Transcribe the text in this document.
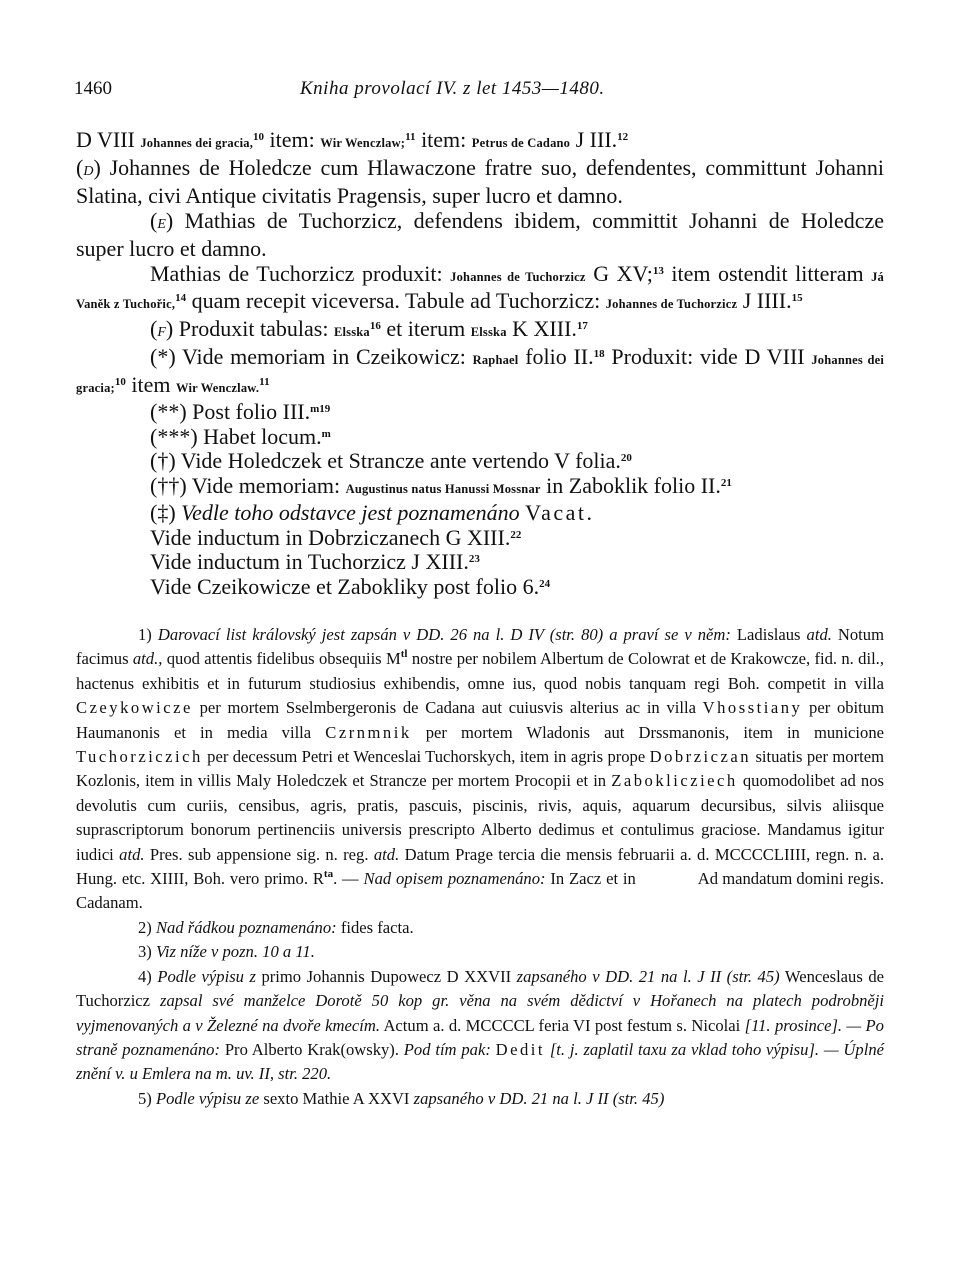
1460	Kniha provolací IV. z let 1453—1480.

D VIII Johannes dei gracia,$^{10}$ item: Wir Wenczlaw;$^{11}$ item: Petrus de Cadano J III.$^{12}$

(D) Johannes de Holedcze cum Hlawaczone fratre suo, defendentes, committunt Johanni Slatina, civi Antique civitatis Pragensis, super lucro et damno.

(E) Mathias de Tuchorzicz, defendens ibidem, committit Johanni de Holedcze super lucro et damno.

Mathias de Tuchorzicz produxit: Johannes de Tuchorzicz G XV;$^{13}$ item ostendit litteram Já Vaněk z Tuchořic,$^{14}$ quam recepit viceversa. Tabule ad Tuchorzicz: Johannes de Tuchorzicz J IIII.$^{15}$

(F) Produxit tabulas: Elsska$^{16}$ et iterum Elsska K XIII.$^{17}$

(*) Vide memoriam in Czeikowicz: Raphael folio II.$^{18}$ Produxit: vide D VIII Johannes dei gracia;$^{10}$ item Wir Wenczlaw.$^{11}$

(**) Post folio III.$^{m19}$

(***) Habet locum.$^m$

(†) Vide Holedczek et Strancze ante vertendo V folia.$^{20}$

(††) Vide memoriam: Augustinus natus Hanussi Mossnar in Zaboklik folio II.$^{21}$

(‡) Vedle toho odstavce jest poznamenáno Vacat.

Vide inductum in Dobrziczanech G XIII.$^{22}$

Vide inductum in Tuchorzicz J XIII.$^{23}$

Vide Czeikowicze et Zabokliky post folio 6.24

1) Darovací list královský jest zapsán v DD. 26 na l. D IV (str. 80) a praví se v něm: Ladislaus atd. Notum facimus atd., quod attentis fidelibus obsequiis $M^{tl}$ nostre per nobilem Albertum de Colowrat et de Krakowcze, fid. n. dil., hactenus exhibitis et in futurum studiosius exhibendis, omne ius, quod nobis tanquam regi Boh. competit in villa Czeykowicze per mortem Sselmbergeronis de Cadana aut cuiusvis alterius ac in villa Vhosstiany per obitum Haumanonis et in media villa Czrnmnik per mortem Wladonis aut Drssmanonis, item in municione Tuchorziczich per decessum Petri et Wenceslai Tuchorskych, item in agris prope Dobrziczan situatis per mortem Kozlonis, item in villis Maly Holedczek et Strancze per mortem Procopii et in Zaboklicziech quomodolibet ad nos devolutis cum curiis, censibus, agris, pratis, pascuis, piscinis, rivis, aquis, aquarum decursibus, silvis aliisque suprascriptorum bonorum pertinenciis universis prescripto Alberto dedimus et contulimus graciose. Mandamus igitur iudici atd. Pres. sub appensione sig. n. reg. atd. Datum Prage tercia die mensis februarii a. d. MCCCCLIIII, regn. n. a. Hung. etc. XIIII, Boh. vero primo.	Ad mandatum domini regis.
$R^{ta}$. — Nad opisem poznamenáno: In Zacz et in Cadanam.

2) Nad řádkou poznamenáno: fides facta.

3) Viz níže v pozn. 10 a 11.

4) Podle výpisu z primo Johannis Dupowecz D XXVII zapsaného v DD. 21 na l. J II (str. 45) Wenceslaus de Tuchorzicz zapsal své manželce Dorotě 50 kop gr. věna na svém dědictví v Hořanech na platech podrobněji vyjmenovaných a v Železné na dvoře kmecím. Actum a. d. MCCCCL feria VI post festum s. Nicolai [11. prosince]. — Po straně poznamenáno: Pro Alberto Krak(owsky). Pod tím pak: Dedit [t. j. zaplatil taxu za vklad toho výpisu]. — Úplné znění v. u Emlera na m. uv. II, str. 220.

5) Podle výpisu ze sexto Mathie A XXVI zapsaného v DD. 21 na l. J II (str. 45)
